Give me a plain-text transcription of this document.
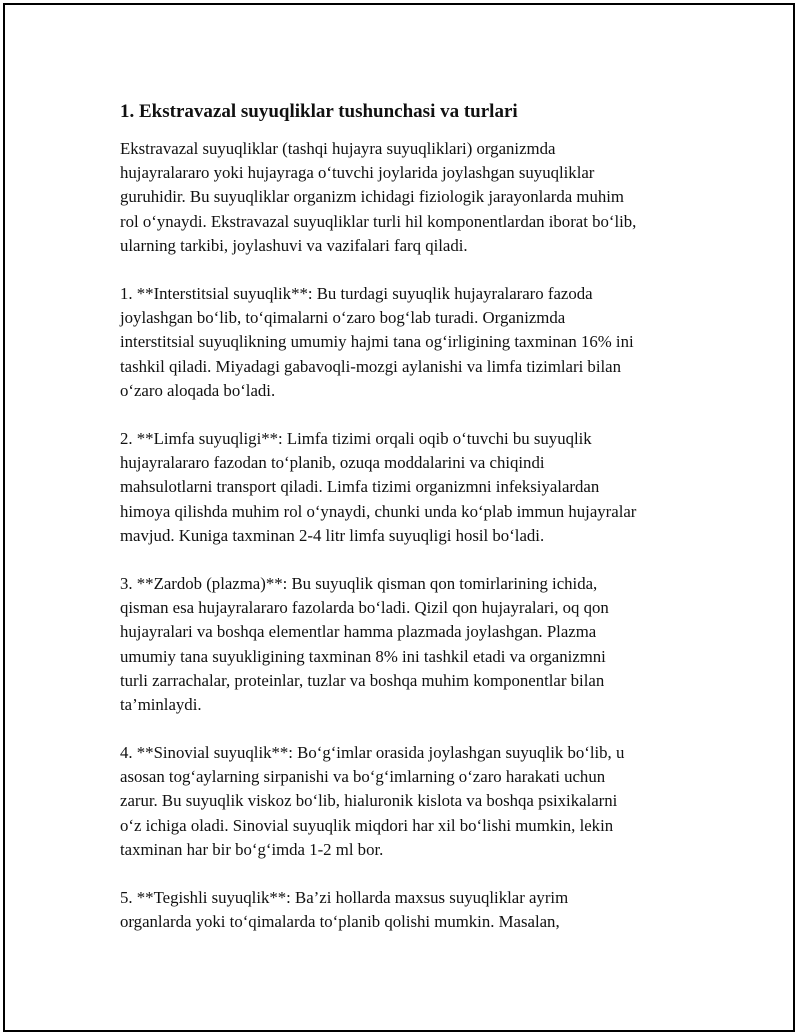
1. Ekstravazal suyuqliklar tushunchasi va turlari

Ekstravazal suyuqliklar (tashqi hujayra suyuqliklari) organizmda
hujayralararo yoki hujayraga o‘tuvchi joylarida joylashgan suyuqliklar
guruhidir. Bu suyuqliklar organizm ichidagi fiziologik jarayonlarda muhim
rol o‘ynaydi. Ekstravazal suyuqliklar turli hil komponentlardan iborat bo‘lib,
ularning tarkibi, joylashuvi va vazifalari farq qiladi.

1. **Interstitsial suyuqlik**: Bu turdagi suyuqlik hujayralararo fazoda
joylashgan bo‘lib, to‘qimalarni o‘zaro bog‘lab turadi. Organizmda
interstitsial suyuqlikning umumiy hajmi tana og‘irligining taxminan 16% ini
tashkil qiladi. Miyadagi gabavoqli-mozgi aylanishi va limfa tizimlari bilan
o‘zaro aloqada bo‘ladi.

2. **Limfa suyuqligi**: Limfa tizimi orqali oqib o‘tuvchi bu suyuqlik
hujayralararo fazodan to‘planib, ozuqa moddalarini va chiqindi
mahsulotlarni transport qiladi. Limfa tizimi organizmni infeksiyalardan
himoya qilishda muhim rol o‘ynaydi, chunki unda ko‘plab immun hujayralar
mavjud. Kuniga taxminan 2-4 litr limfa suyuqligi hosil bo‘ladi.

3. **Zardob (plazma)**: Bu suyuqlik qisman qon tomirlarining ichida,
qisman esa hujayralararo fazolarda bo‘ladi. Qizil qon hujayralari, oq qon
hujayralari va boshqa elementlar hamma plazmada joylashgan. Plazma
umumiy tana suyukligining taxminan 8% ini tashkil etadi va organizmni
turli zarrachalar, proteinlar, tuzlar va boshqa muhim komponentlar bilan
ta’minlaydi.

4. **Sinovial suyuqlik**: Bo‘g‘imlar orasida joylashgan suyuqlik bo‘lib, u
asosan tog‘aylarning sirpanishi va bo‘g‘imlarning o‘zaro harakati uchun
zarur. Bu suyuqlik viskoz bo‘lib, hialuronik kislota va boshqa psixikalarni
o‘z ichiga oladi. Sinovial suyuqlik miqdori har xil bo‘lishi mumkin, lekin
taxminan har bir bo‘g‘imda 1-2 ml bor.

5. **Tegishli suyuqlik**: Ba’zi hollarda maxsus suyuqliklar ayrim
organlarda yoki to‘qimalarda to‘planib qolishi mumkin. Masalan,
